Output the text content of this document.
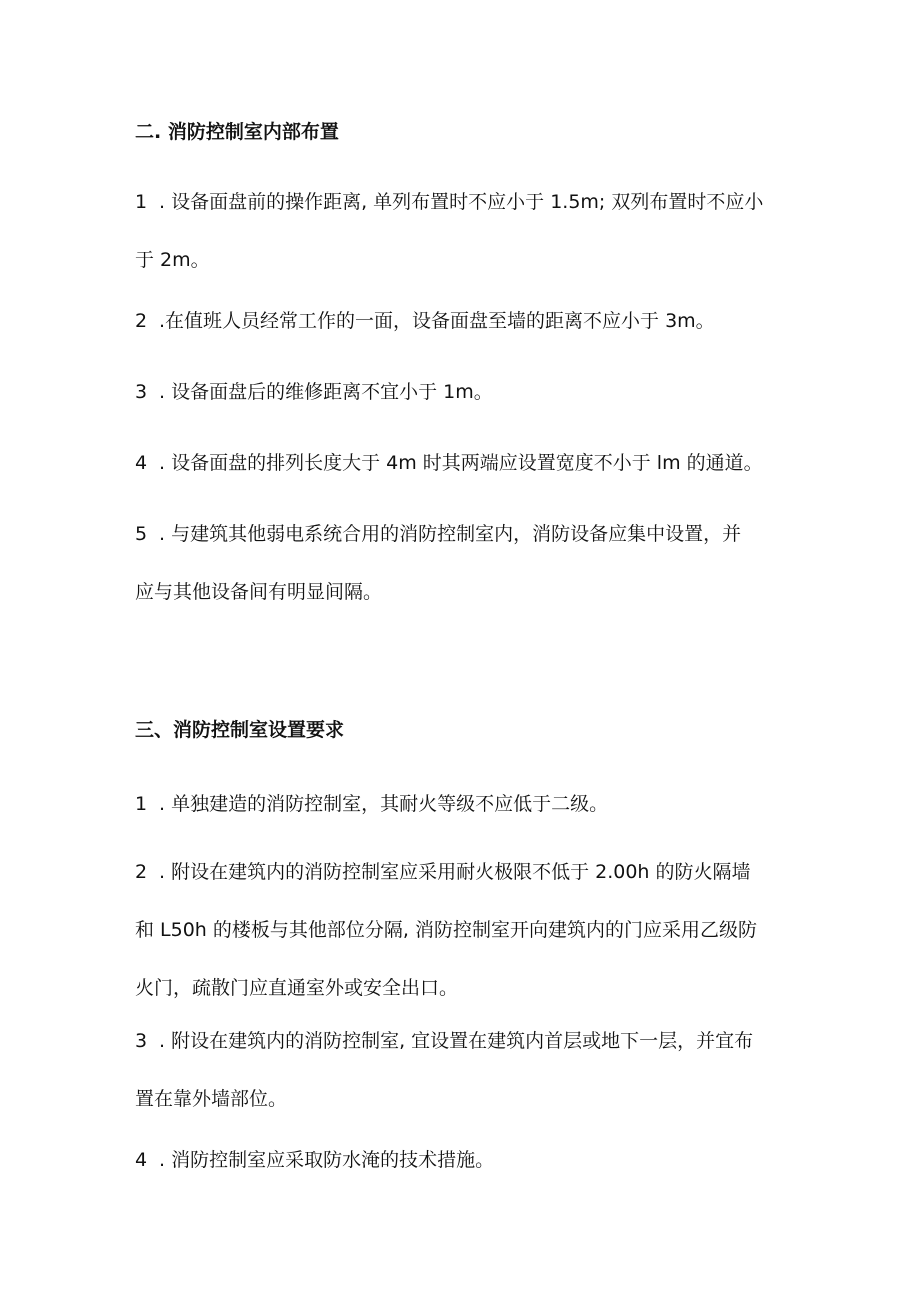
二. 消防控制室内部布置

1 . 设备面盘前的操作距离, 单列布置时不应小于 1.5m; 双列布置时不应小
于 2m。

2 .在值班人员经常工作的一面，设备面盘至墙的距离不应小于 3m。

3 . 设备面盘后的维修距离不宜小于 1m。

4 . 设备面盘的排列长度大于 4m 时其两端应设置宽度不小于 lm 的通道。

5 . 与建筑其他弱电系统合用的消防控制室内，消防设备应集中设置，并
应与其他设备间有明显间隔。

三、消防控制室设置要求

1 . 单独建造的消防控制室，其耐火等级不应低于二级。

2 . 附设在建筑内的消防控制室应采用耐火极限不低于 2.00h 的防火隔墙
和 L50h 的楼板与其他部位分隔, 消防控制室开向建筑内的门应采用乙级防
火门，疏散门应直通室外或安全出口。

3 . 附设在建筑内的消防控制室, 宜设置在建筑内首层或地下一层，并宜布
置在靠外墙部位。

4 . 消防控制室应采取防水淹的技术措施。
